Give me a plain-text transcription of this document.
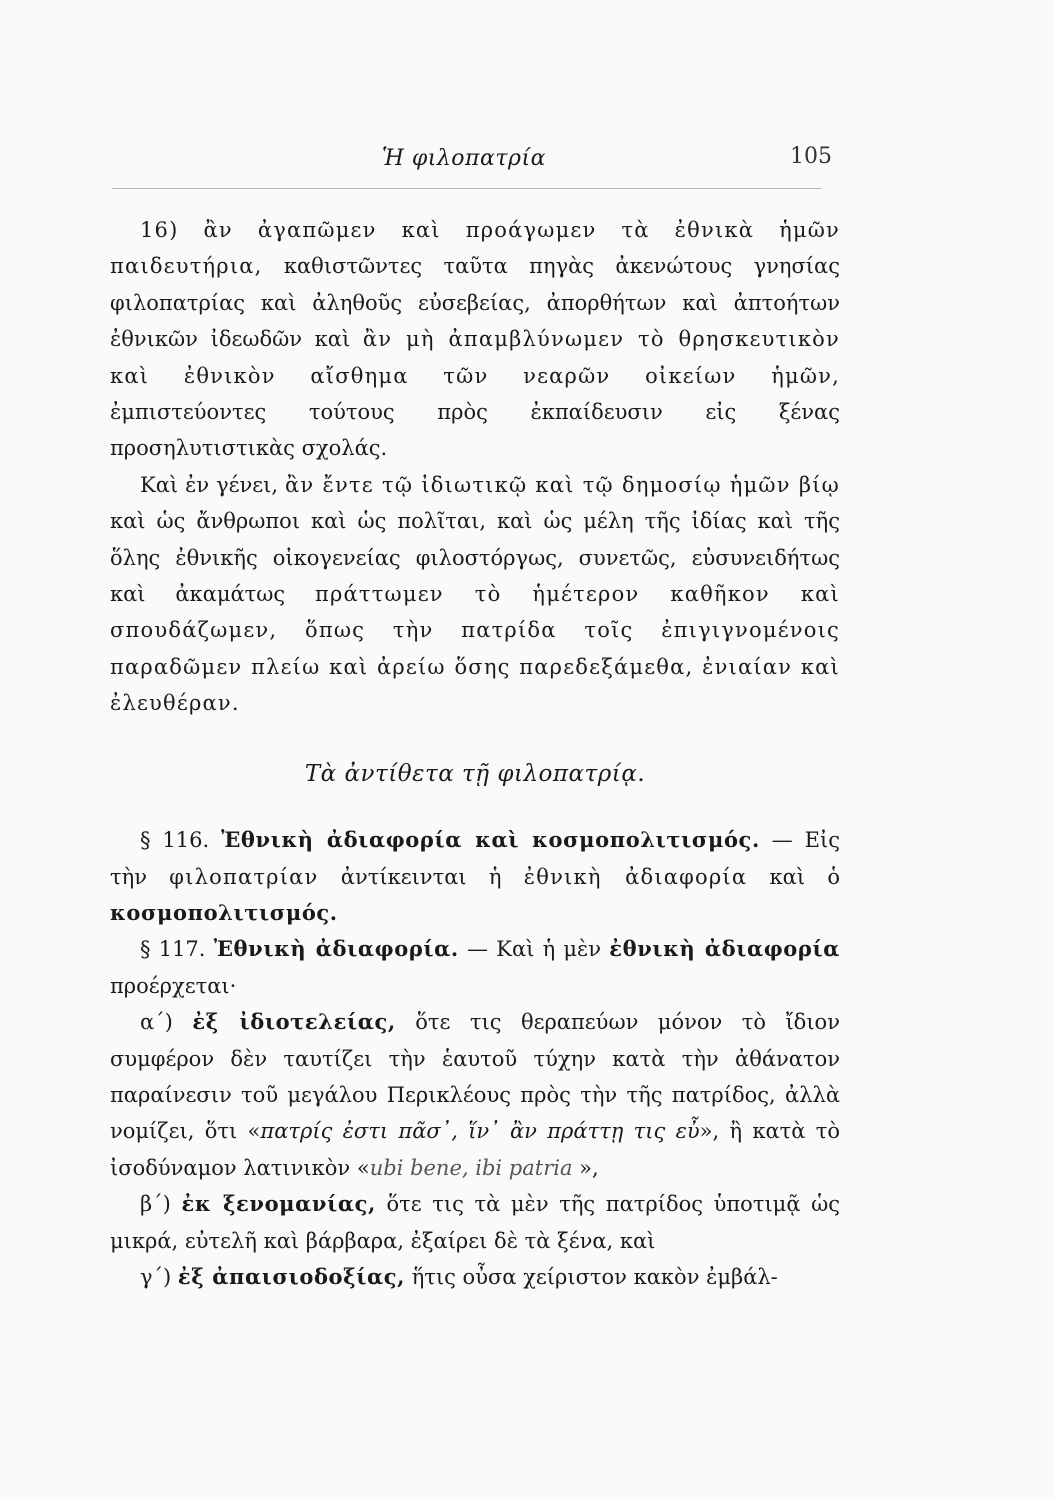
Ἡ φιλοπατρία	105

16) ἂν ἀγαπῶμεν καὶ προάγωμεν τὰ ἐθνικὰ ἡμῶν παιδευτήρια, καθιστῶντες ταῦτα πηγὰς ἀκενώτους γνησίας φιλοπατρίας καὶ ἀληθοῦς εὐσεβείας, ἀπορθήτων καὶ ἀπτοήτων ἐθνικῶν ἰδεωδῶν καὶ ἂν μὴ ἀπαμβλύνωμεν τὸ θρησκευτικὸν καὶ ἐθνικὸν αἴσθημα τῶν νεαρῶν οἰκείων ἡμῶν, ἐμπιστεύοντες τούτους πρὸς ἐκπαίδευσιν εἰς ξένας προσηλυτιστικὰς σχολάς.

Καὶ ἐν γένει, ἂν ἔντε τῷ ἰδιωτικῷ καὶ τῷ δημοσίῳ ἡμῶν βίῳ καὶ ὡς ἄνθρωποι καὶ ὡς πολῖται, καὶ ὡς μέλη τῆς ἰδίας καὶ τῆς ὅλης ἐθνικῆς οἰκογενείας φιλοστόργως, συνετῶς, εὐσυνειδήτως καὶ ἀκαμάτως πράττωμεν τὸ ἡμέτερον καθῆκον καὶ σπουδάζωμεν, ὅπως τὴν πατρίδα τοῖς ἐπιγιγνομένοις παραδῶμεν πλείω καὶ ἀρείω ὅσης παρεδεξάμεθα, ἐνιαίαν καὶ ἐλευθέραν.

Τὰ ἀντίθετα τῇ φιλοπατρίᾳ.

§ 116. Ἐθνικὴ ἀδιαφορία καὶ κοσμοπολιτισμός. — Εἰς τὴν φιλοπατρίαν ἀντίκεινται ἡ ἐθνικὴ ἀδιαφορία καὶ ὁ κοσμοπολιτισμός.

§ 117. Ἐθνικὴ ἀδιαφορία. — Καὶ ἡ μὲν ἐθνικὴ ἀδιαφορία προέρχεται·

α΄) ἐξ ἰδιοτελείας, ὅτε τις θεραπεύων μόνον τὸ ἴδιον συμφέρον δὲν ταυτίζει τὴν ἑαυτοῦ τύχην κατὰ τὴν ἀθάνατον παραίνεσιν τοῦ μεγάλου Περικλέους πρὸς τὴν τῆς πατρίδος, ἀλλὰ νομίζει, ὅτι «πατρίς ἐστι πᾶσ᾽, ἵν᾽ ἂν πράττῃ τις εὖ», ἢ κατὰ τὸ ἰσοδύναμον λατινικὸν «ubi bene, ibi patria »,

β΄) ἐκ ξενομανίας, ὅτε τις τὰ μὲν τῆς πατρίδος ὑποτιμᾷ ὡς μικρά, εὐτελῆ καὶ βάρβαρα, ἐξαίρει δὲ τὰ ξένα, καὶ

γ΄) ἐξ ἀπαισιοδοξίας, ἥτις οὖσα χείριστον κακὸν ἐμβάλ-
